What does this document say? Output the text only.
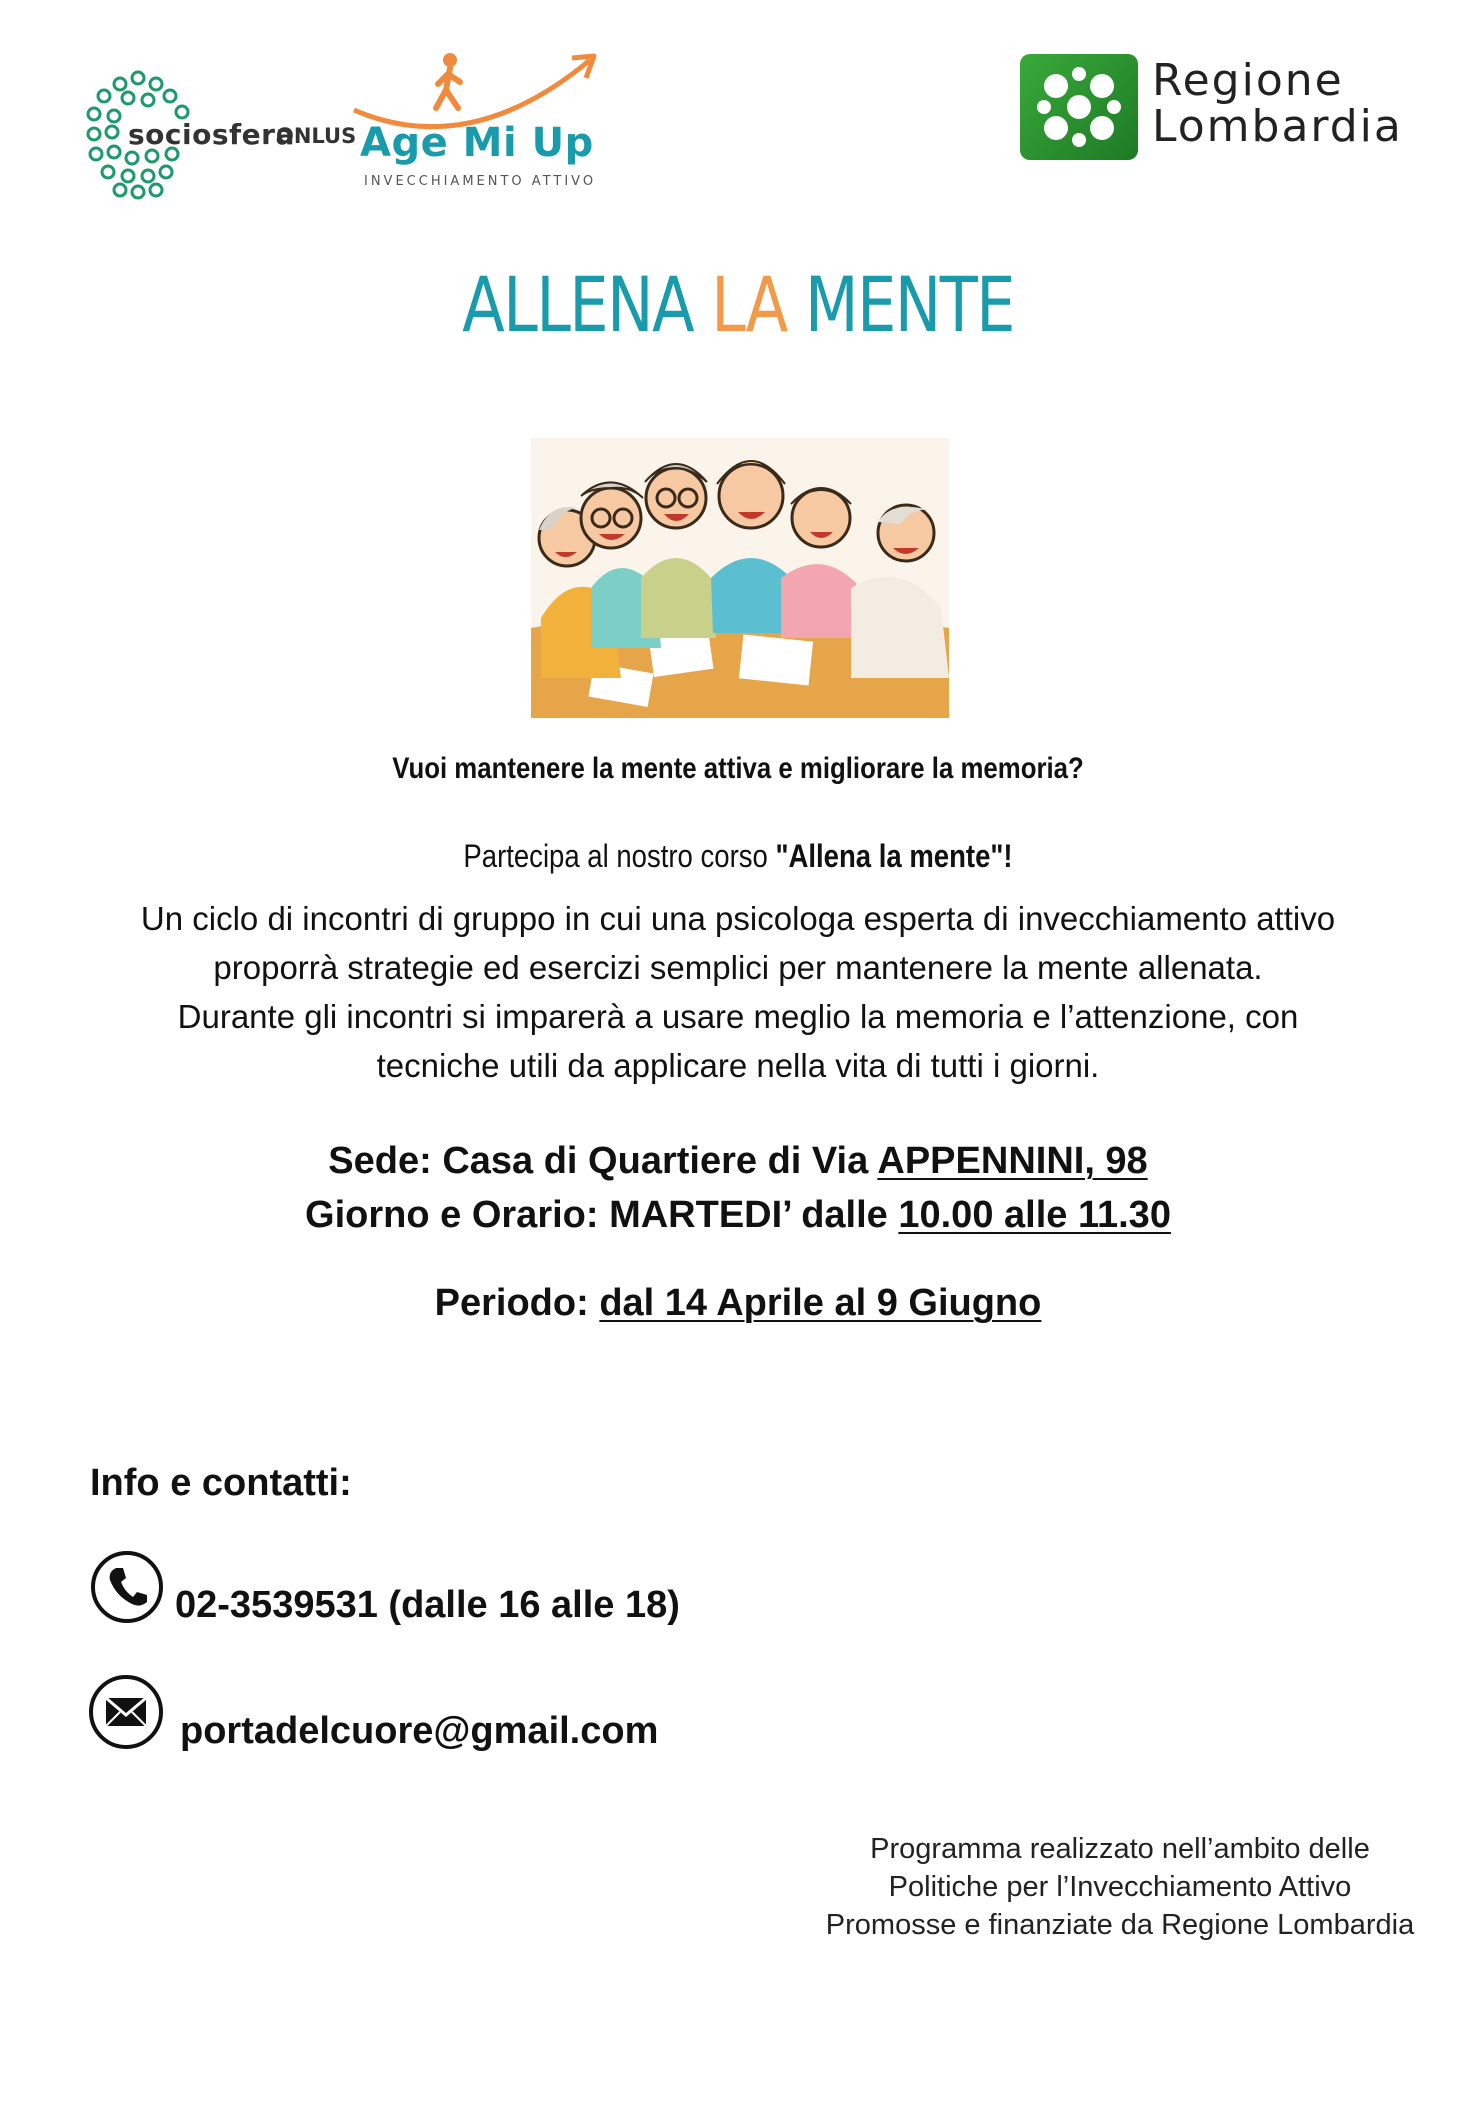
sociosfera
ONLUS Age Mi Up
INVECCHIAMENTO ATTIVO
Regione
Lombardia
ALLENA LA MENTE
Vuoi mantenere la mente attiva e migliorare la memoria?
Partecipa al nostro corso "Allena la mente"!
Un ciclo di incontri di gruppo in cui una psicologa esperta di invecchiamento attivo
proporrà strategie ed esercizi semplici per mantenere la mente allenata.
Durante gli incontri si imparerà a usare meglio la memoria e l’attenzione, con
tecniche utili da applicare nella vita di tutti i giorni.
Sede: Casa di Quartiere di Via APPENNINI, 98
Giorno e Orario: MARTEDI’ dalle 10.00 alle 11.30
Periodo: dal 14 Aprile al 9 Giugno
Info e contatti:
02-3539531 (dalle 16 alle 18)
portadelcuore@gmail.com
Programma realizzato nell’ambito delle
Politiche per l’Invecchiamento Attivo
Promosse e finanziate da Regione Lombardia
